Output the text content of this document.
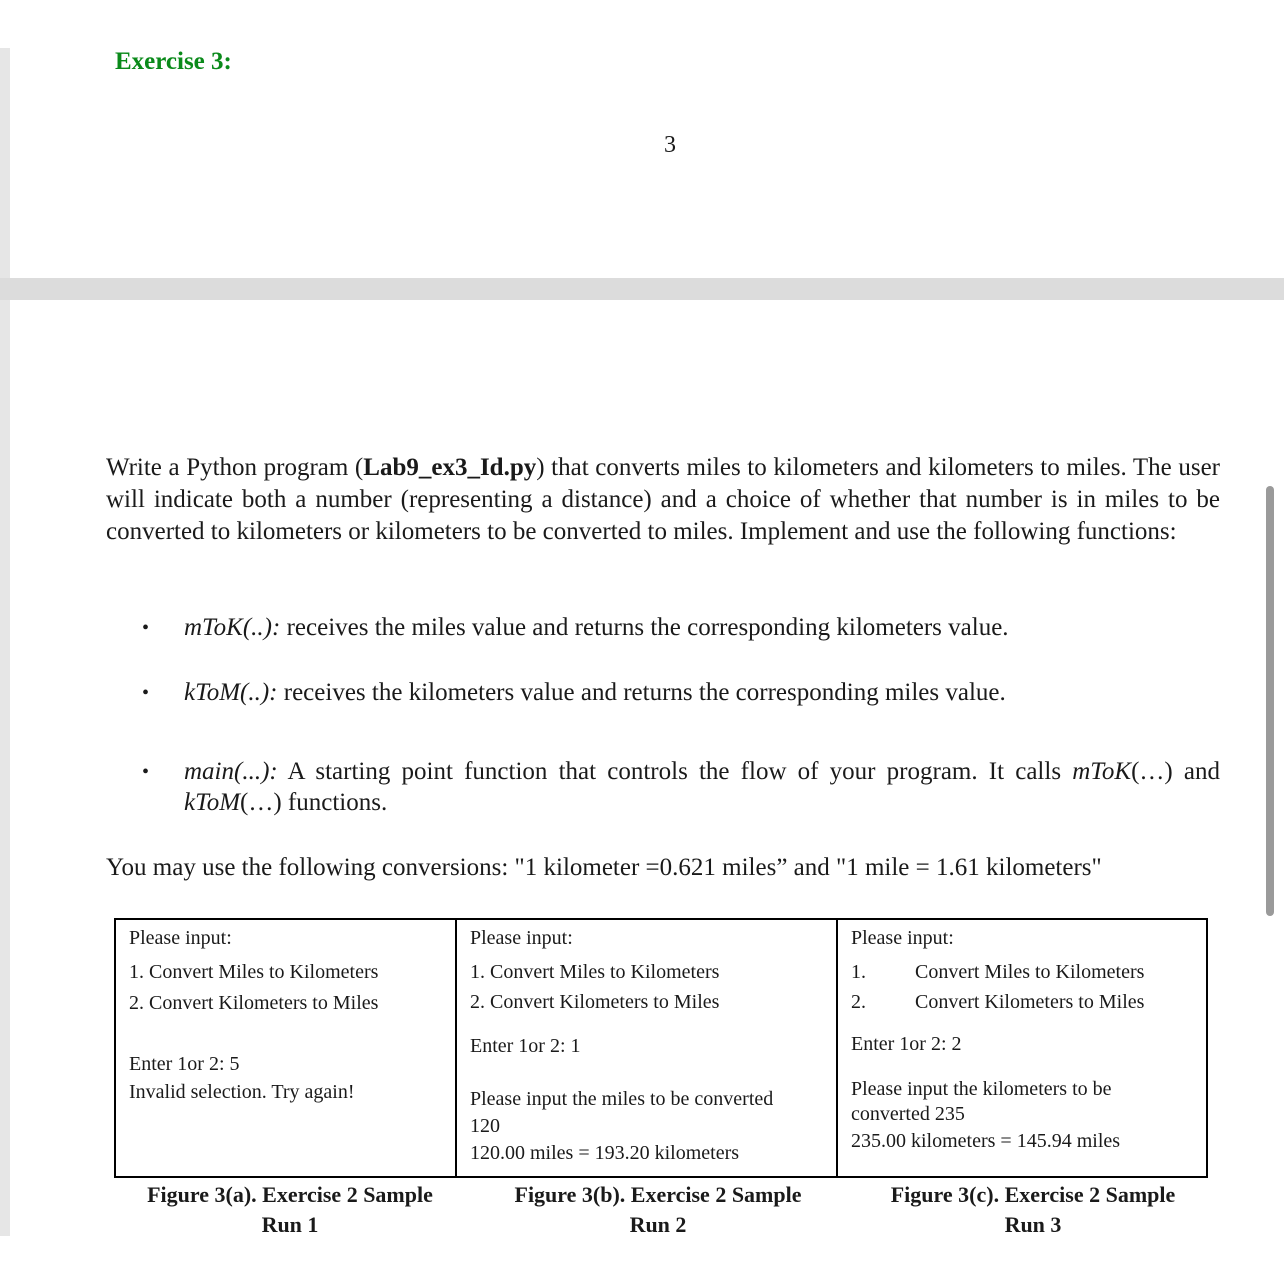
Exercise 3:
3
Write a Python program (Lab9_ex3_Id.py) that converts miles to kilometers and kilometers to miles. The user will indicate both a number (representing a distance) and a choice of whether that number is in miles to be converted to kilometers or kilometers to be converted to miles. Implement and use the following functions:
•	mToK(..): receives the miles value and returns the corresponding kilometers value.
•	kToM(..): receives the kilometers value and returns the corresponding miles value.
•	main(...): A starting point function that controls the flow of your program. It calls mToK(…) and kToM(…) functions.
You may use the following conversions: "1 kilometer =0.621 miles” and "1 mile = 1.61 kilometers"
Please input:
1. Convert Miles to Kilometers
2. Convert Kilometers to Miles
Enter 1or 2: 5
Invalid selection. Try again!
Please input:
1. Convert Miles to Kilometers
2. Convert Kilometers to Miles
Enter 1or 2: 1
Please input the miles to be converted
120
120.00 miles = 193.20 kilometers
Please input:
1. Convert Miles to Kilometers
2. Convert Kilometers to Miles
Enter 1or 2: 2
Please input the kilometers to be
converted 235
235.00 kilometers = 145.94 miles
Figure 3(a). Exercise 2 Sample
Run 1
Figure 3(b). Exercise 2 Sample
Run 2
Figure 3(c). Exercise 2 Sample
Run 3
